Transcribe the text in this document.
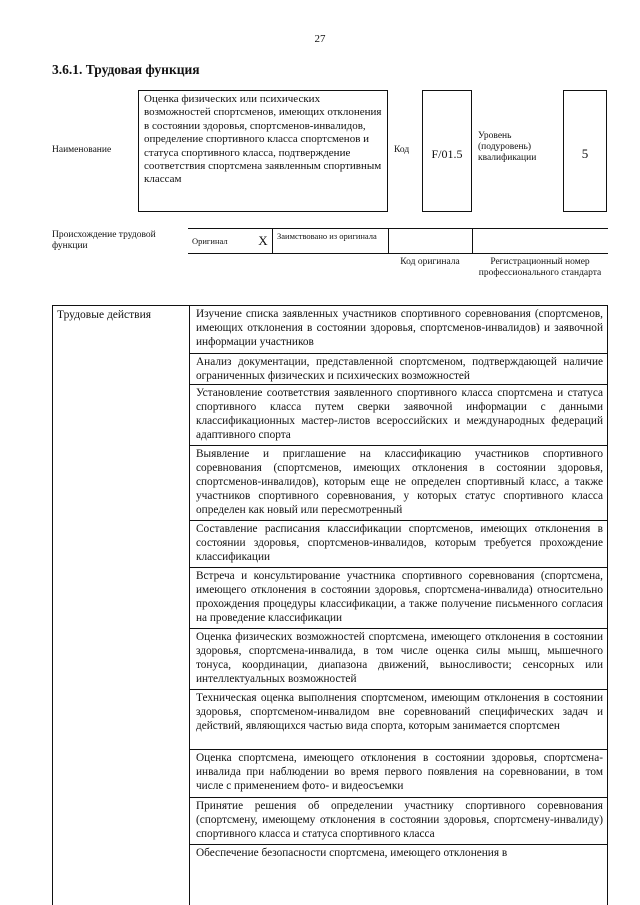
27
3.6.1. Трудовая функция
Наименование
Оценка физических или психических возможностей спортсменов, имеющих отклонения в состоянии здоровья, спортсменов-инвалидов, определение спортивного класса спортсменов и статуса спортивного класса, подтверждение соответствия спортсмена заявленным спортивным классам
Код	F/01.5
Уровень (подуровень) квалификации	5
Происхождение трудовой функции	Оригинал	X	Заимствовано из оригинала
Код оригинала	Регистрационный номер профессионального стандарта
Трудовые действия	Изучение списка заявленных участников спортивного соревнования (спортсменов, имеющих отклонения в состоянии здоровья, спортсменов-инвалидов) и заявочной информации участников
Анализ документации, представленной спортсменом, подтверждающей наличие ограниченных физических и психических возможностей
Установление соответствия заявленного спортивного класса спортсмена и статуса спортивного класса путем сверки заявочной информации с данными классификационных мастер-листов всероссийских и международных федераций адаптивного спорта
Выявление и приглашение на классификацию участников спортивного соревнования (спортсменов, имеющих отклонения в состоянии здоровья, спортсменов-инвалидов), которым еще не определен спортивный класс, а также участников спортивного соревнования, у которых статус спортивного класса определен как новый или пересмотренный
Составление расписания классификации спортсменов, имеющих отклонения в состоянии здоровья, спортсменов-инвалидов, которым требуется прохождение классификации
Встреча и консультирование участника спортивного соревнования (спортсмена, имеющего отклонения в состоянии здоровья, спортсмена-инвалида) относительно прохождения процедуры классификации, а также получение письменного согласия на проведение классификации
Оценка физических возможностей спортсмена, имеющего отклонения в состоянии здоровья, спортсмена-инвалида, в том числе оценка силы мышц, мышечного тонуса, координации, диапазона движений, выносливости; сенсорных или интеллектуальных возможностей
Техническая оценка выполнения спортсменом, имеющим отклонения в состоянии здоровья, спортсменом-инвалидом вне соревнований специфических задач и действий, являющихся частью вида спорта, которым занимается спортсмен
Оценка спортсмена, имеющего отклонения в состоянии здоровья, спортсмена-инвалида при наблюдении во время первого появления на соревновании, в том числе с применением фото- и видеосъемки
Принятие решения об определении участнику спортивного соревнования (спортсмену, имеющему отклонения в состоянии здоровья, спортсмену-инвалиду) спортивного класса и статуса спортивного класса
Обеспечение безопасности спортсмена, имеющего отклонения в
